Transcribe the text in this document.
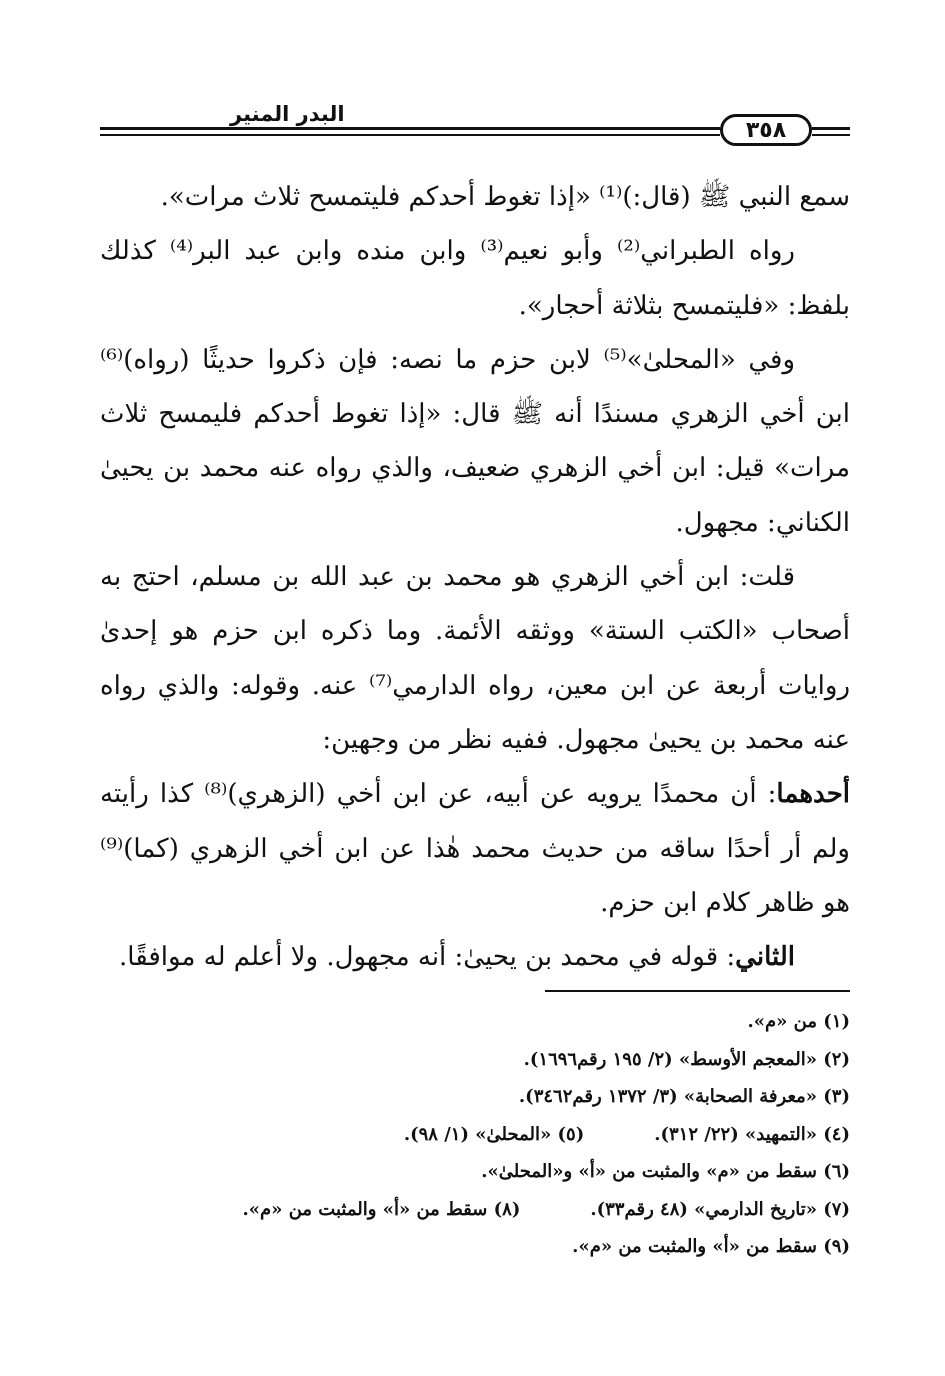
البدر المنير
٣٥٨

سمع النبي ﷺ (قال:)⁽¹⁾ «إذا تغوط أحدكم فليتمسح ثلاث مرات».

رواه الطبراني⁽²⁾ وأبو نعيم⁽³⁾ وابن منده وابن عبد البر⁽⁴⁾ كذلك بلفظ: «فليتمسح بثلاثة أحجار».

وفي «المحلىٰ»⁽⁵⁾ لابن حزم ما نصه: فإن ذكروا حديثًا (رواه)⁽⁶⁾ ابن أخي الزهري مسندًا أنه ﷺ قال: «إذا تغوط أحدكم فليمسح ثلاث مرات» قيل: ابن أخي الزهري ضعيف، والذي رواه عنه محمد بن يحيىٰ الكناني: مجهول.

قلت: ابن أخي الزهري هو محمد بن عبد الله بن مسلم، احتج به أصحاب «الكتب الستة» ووثقه الأئمة. وما ذكره ابن حزم هو إحدىٰ روايات أربعة عن ابن معين، رواه الدارمي⁽⁷⁾ عنه. وقوله: والذي رواه عنه محمد بن يحيىٰ مجهول. ففيه نظر من وجهين:

أحدهما: أن محمدًا يرويه عن أبيه، عن ابن أخي (الزهري)⁽⁸⁾ كذا رأيته ولم أر أحدًا ساقه من حديث محمد هٰذا عن ابن أخي الزهري (كما)⁽⁹⁾ هو ظاهر كلام ابن حزم.

الثاني: قوله في محمد بن يحيىٰ: أنه مجهول. ولا أعلم له موافقًا.

(١) من «م».
(٢) «المعجم الأوسط» (٢/ ١٩٥ رقم١٦٩٦).
(٣) «معرفة الصحابة» (٣/ ١٣٧٢ رقم٣٤٦٢).
(٤) «التمهيد» (٢٢/ ٣١٢).(٥) «المحلىٰ» (١/ ٩٨).
(٦) سقط من «م» والمثبت من «أ» و«المحلىٰ».
(٧) «تاريخ الدارمي» (٤٨ رقم٣٣).(٨) سقط من «أ» والمثبت من «م».
(٩) سقط من «أ» والمثبت من «م».
